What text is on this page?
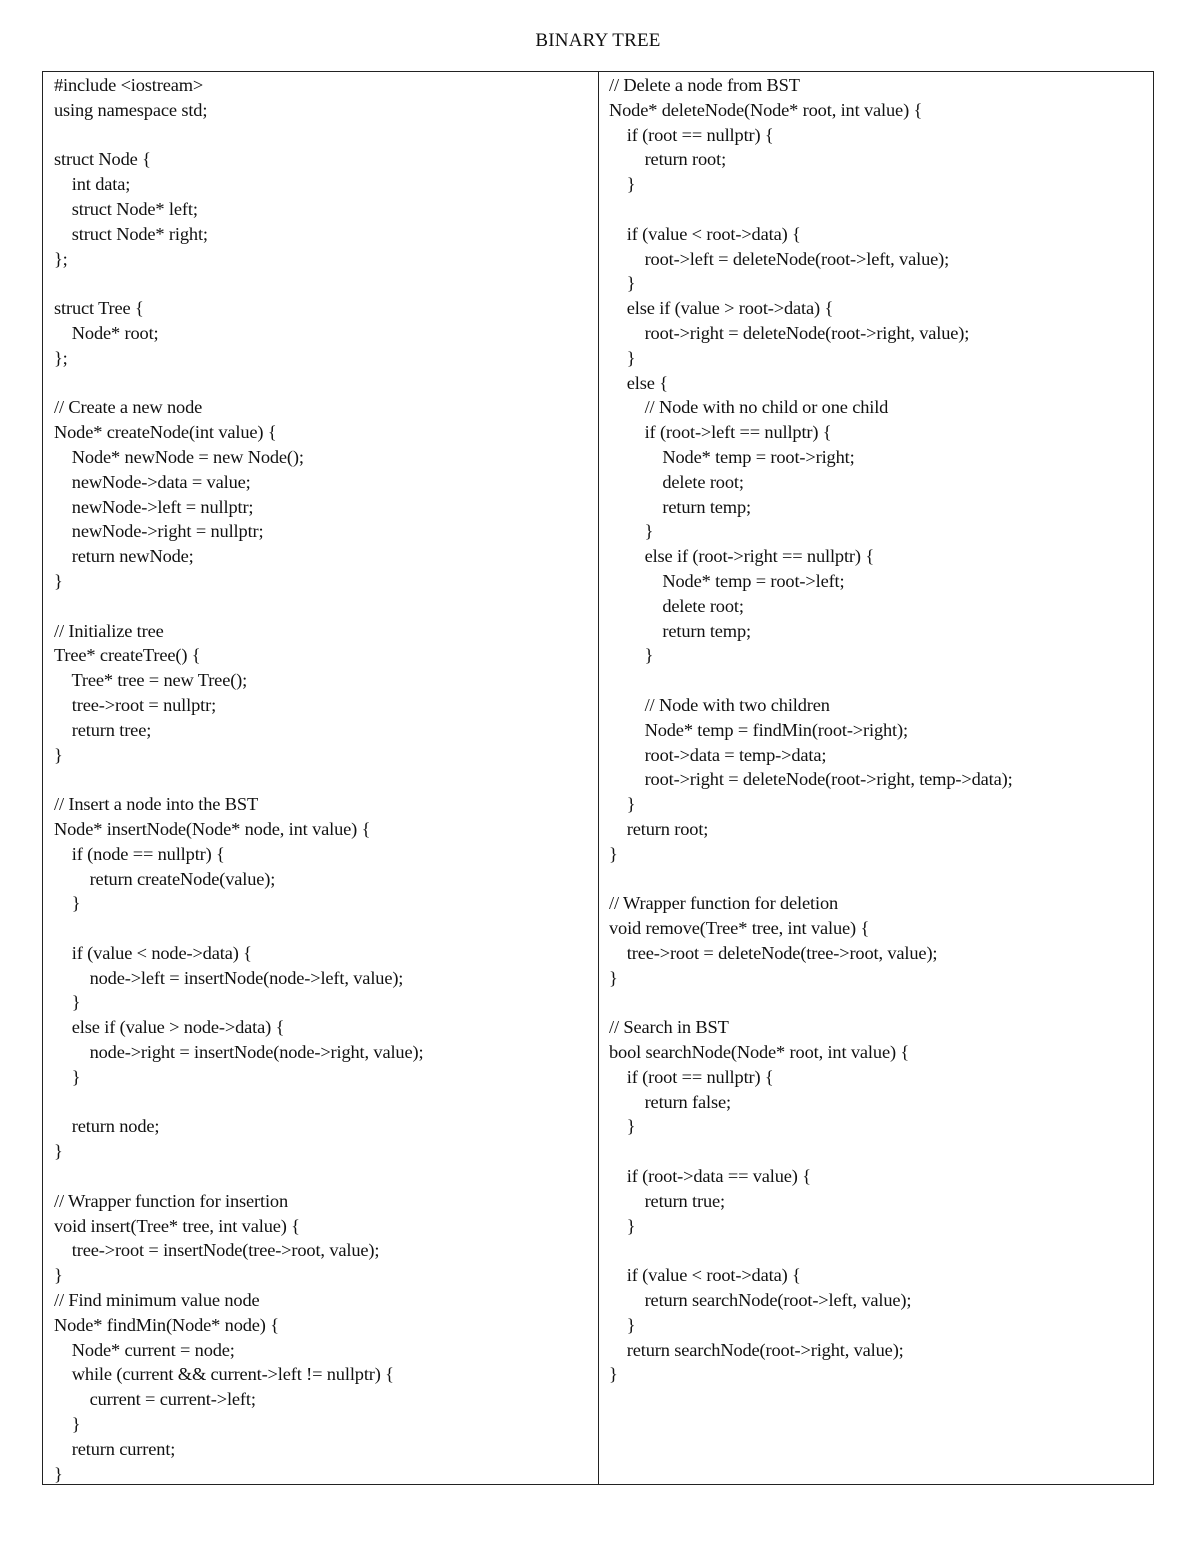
BINARY TREE
#include <iostream>
using namespace std;

struct Node {
int data;
struct Node* left;
struct Node* right;
};

struct Tree {
Node* root;
};

// Create a new node
Node* createNode(int value) {
Node* newNode = new Node();
newNode->data = value;
newNode->left = nullptr;
newNode->right = nullptr;
return newNode;
}

// Initialize tree
Tree* createTree() {
Tree* tree = new Tree();
tree->root = nullptr;
return tree;
}

// Insert a node into the BST
Node* insertNode(Node* node, int value) {
if (node == nullptr) {
return createNode(value);
}

if (value < node->data) {
node->left = insertNode(node->left, value);
}
else if (value > node->data) {
node->right = insertNode(node->right, value);
}

return node;
}

// Wrapper function for insertion
void insert(Tree* tree, int value) {
tree->root = insertNode(tree->root, value);
}
// Find minimum value node
Node* findMin(Node* node) {
Node* current = node;
while (current && current->left != nullptr) {
current = current->left;
}
return current;
}
// Delete a node from BST
Node* deleteNode(Node* root, int value) {
if (root == nullptr) {
return root;
}

if (value < root->data) {
root->left = deleteNode(root->left, value);
}
else if (value > root->data) {
root->right = deleteNode(root->right, value);
}
else {
// Node with no child or one child
if (root->left == nullptr) {
Node* temp = root->right;
delete root;
return temp;
}
else if (root->right == nullptr) {
Node* temp = root->left;
delete root;
return temp;
}

// Node with two children
Node* temp = findMin(root->right);
root->data = temp->data;
root->right = deleteNode(root->right, temp->data);
}
return root;
}

// Wrapper function for deletion
void remove(Tree* tree, int value) {
tree->root = deleteNode(tree->root, value);
}

// Search in BST
bool searchNode(Node* root, int value) {
if (root == nullptr) {
return false;
}

if (root->data == value) {
return true;
}

if (value < root->data) {
return searchNode(root->left, value);
}
return searchNode(root->right, value);
}
